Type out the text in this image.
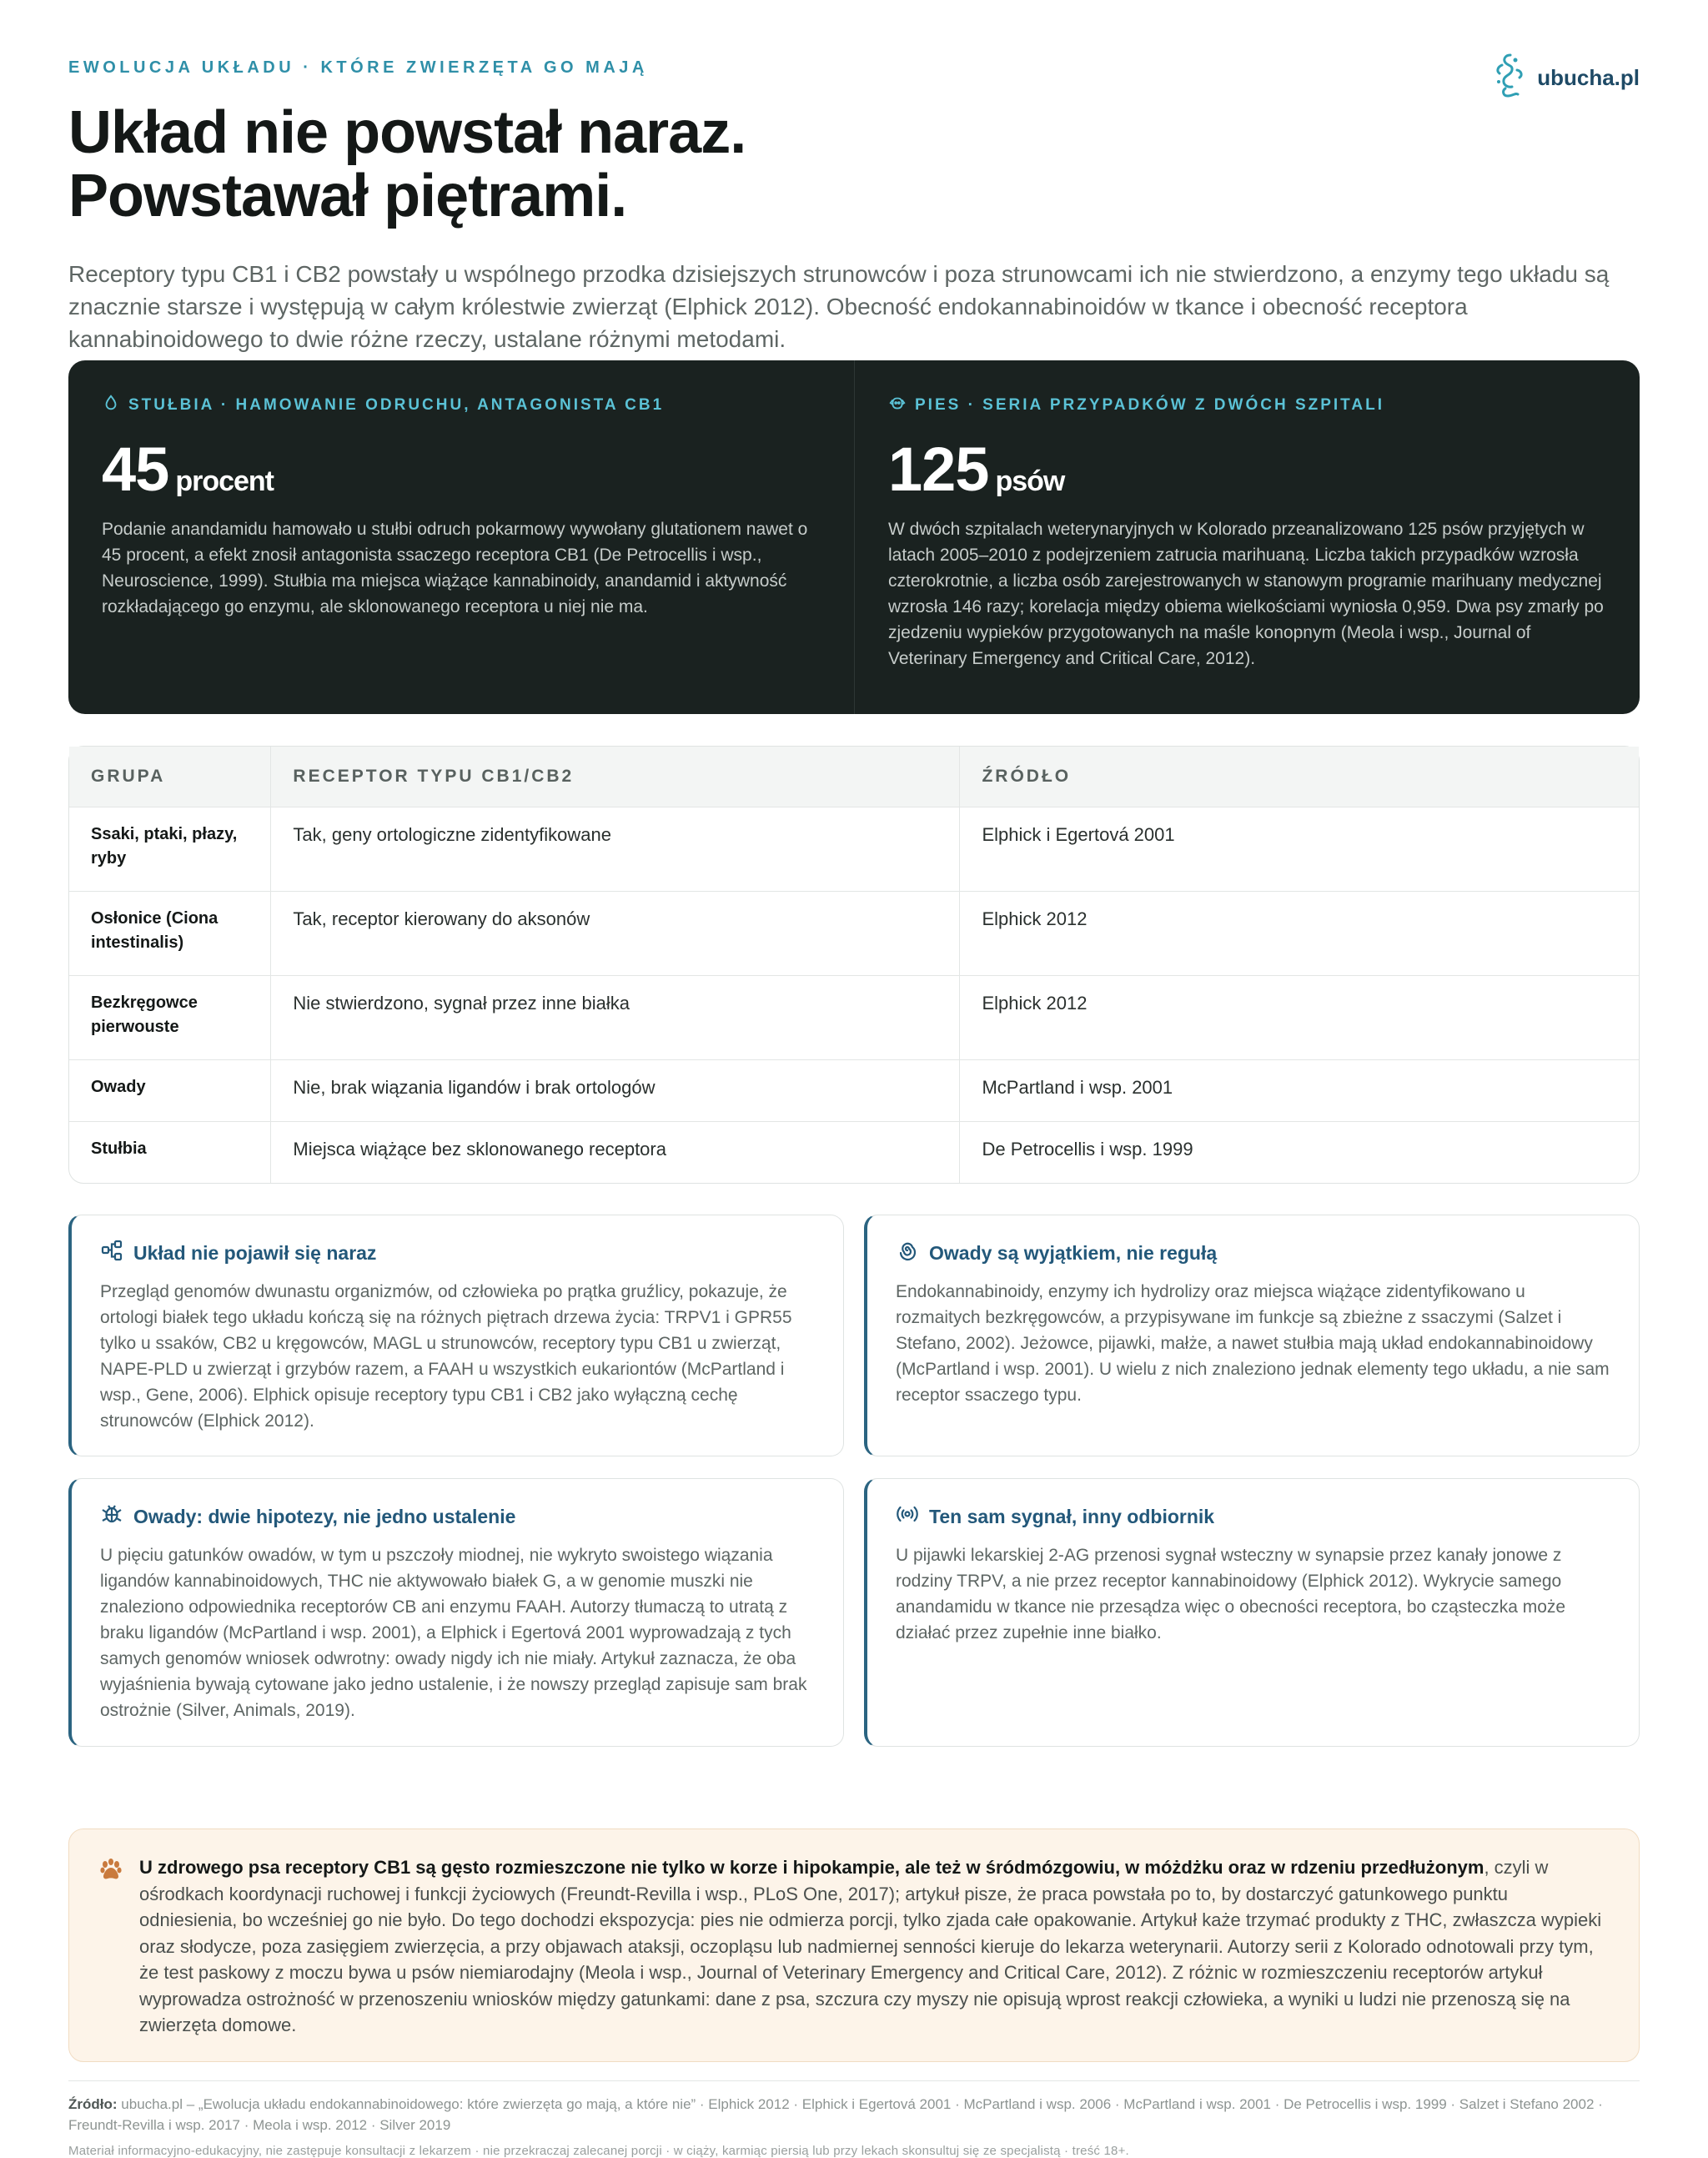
EWOLUCJA UKŁADU · KTÓRE ZWIERZĘTA GO MAJĄ	ubucha.pl
Układ nie powstał naraz.
Powstawał piętrami.

Receptory typu CB1 i CB2 powstały u wspólnego przodka dzisiejszych strunowców i poza strunowcami ich nie stwierdzono, a enzymy tego układu są znacznie starsze i występują w całym królestwie zwierząt (Elphick 2012). Obecność endokannabinoidów w tkance i obecność receptora kannabinoidowego to dwie różne rzeczy, ustalane różnymi metodami.

STUŁBIA · HAMOWANIE ODRUCHU, ANTAGONISTA CB1
45 procent

Podanie anandamidu hamowało u stułbi odruch pokarmowy wywołany glutationem nawet o 45 procent, a efekt znosił antagonista ssaczego receptora CB1 (De Petrocellis i wsp., Neuroscience, 1999). Stułbia ma miejsca wiążące kannabinoidy, anandamid i aktywność rozkładającego go enzymu, ale sklonowanego receptora u niej nie ma.

PIES · SERIA PRZYPADKÓW Z DWÓCH SZPITALI
125 psów

W dwóch szpitalach weterynaryjnych w Kolorado przeanalizowano 125 psów przyjętych w latach 2005–2010 z podejrzeniem zatrucia marihuaną. Liczba takich przypadków wzrosła czterokrotnie, a liczba osób zarejestrowanych w stanowym programie marihuany medycznej wzrosła 146 razy; korelacja między obiema wielkościami wyniosła 0,959. Dwa psy zmarły po zjedzeniu wypieków przygotowanych na maśle konopnym (Meola i wsp., Journal of Veterinary Emergency and Critical Care, 2012).

GRUPA	RECEPTOR TYPU CB1/CB2	ŹRÓDŁO
Ssaki, ptaki, płazy, ryby	Tak, geny ortologiczne zidentyfikowane	Elphick i Egertová 2001
Osłonice (Ciona intestinalis)	Tak, receptor kierowany do aksonów	Elphick 2012
Bezkręgowce pierwouste	Nie stwierdzono, sygnał przez inne białka	Elphick 2012
Owady	Nie, brak wiązania ligandów i brak ortologów	McPartland i wsp. 2001
Stułbia	Miejsca wiążące bez sklonowanego receptora	De Petrocellis i wsp. 1999
Układ nie pojawił się naraz

Przegląd genomów dwunastu organizmów, od człowieka po prątka gruźlicy, pokazuje, że ortologi białek tego układu kończą się na różnych piętrach drzewa życia: TRPV1 i GPR55 tylko u ssaków, CB2 u kręgowców, MAGL u strunowców, receptory typu CB1 u zwierząt, NAPE-PLD u zwierząt i grzybów razem, a FAAH u wszystkich eukariontów (McPartland i wsp., Gene, 2006). Elphick opisuje receptory typu CB1 i CB2 jako wyłączną cechę strunowców (Elphick 2012).

Owady są wyjątkiem, nie regułą

Endokannabinoidy, enzymy ich hydrolizy oraz miejsca wiążące zidentyfikowano u rozmaitych bezkręgowców, a przypisywane im funkcje są zbieżne z ssaczymi (Salzet i Stefano, 2002). Jeżowce, pijawki, małże, a nawet stułbia mają układ endokannabinoidowy (McPartland i wsp. 2001). U wielu z nich znaleziono jednak elementy tego układu, a nie sam receptor ssaczego typu.

Owady: dwie hipotezy, nie jedno ustalenie

U pięciu gatunków owadów, w tym u pszczoły miodnej, nie wykryto swoistego wiązania ligandów kannabinoidowych, THC nie aktywowało białek G, a w genomie muszki nie znaleziono odpowiednika receptorów CB ani enzymu FAAH. Autorzy tłumaczą to utratą z braku ligandów (McPartland i wsp. 2001), a Elphick i Egertová 2001 wyprowadzają z tych samych genomów wniosek odwrotny: owady nigdy ich nie miały. Artykuł zaznacza, że oba wyjaśnienia bywają cytowane jako jedno ustalenie, i że nowszy przegląd zapisuje sam brak ostrożnie (Silver, Animals, 2019).

Ten sam sygnał, inny odbiornik

U pijawki lekarskiej 2-AG przenosi sygnał wsteczny w synapsie przez kanały jonowe z rodziny TRPV, a nie przez receptor kannabinoidowy (Elphick 2012). Wykrycie samego anandamidu w tkance nie przesądza więc o obecności receptora, bo cząsteczka może działać przez zupełnie inne białko.

U zdrowego psa receptory CB1 są gęsto rozmieszczone nie tylko w korze i hipokampie, ale też w śródmózgowiu, w móżdżku oraz w rdzeniu przedłużonym, czyli w ośrodkach koordynacji ruchowej i funkcji życiowych (Freundt-Revilla i wsp., PLoS One, 2017); artykuł pisze, że praca powstała po to, by dostarczyć gatunkowego punktu odniesienia, bo wcześniej go nie było. Do tego dochodzi ekspozycja: pies nie odmierza porcji, tylko zjada całe opakowanie. Artykuł każe trzymać produkty z THC, zwłaszcza wypieki oraz słodycze, poza zasięgiem zwierzęcia, a przy objawach ataksji, oczopląsu lub nadmiernej senności kieruje do lekarza weterynarii. Autorzy serii z Kolorado odnotowali przy tym, że test paskowy z moczu bywa u psów niemiarodajny (Meola i wsp., Journal of Veterinary Emergency and Critical Care, 2012). Z różnic w rozmieszczeniu receptorów artykuł wyprowadza ostrożność w przenoszeniu wniosków między gatunkami: dane z psa, szczura czy myszy nie opisują wprost reakcji człowieka, a wyniki u ludzi nie przenoszą się na zwierzęta domowe.

Źródło: ubucha.pl – „Ewolucja układu endokannabinoidowego: które zwierzęta go mają, a które nie” · Elphick 2012 · Elphick i Egertová 2001 · McPartland i wsp. 2006 · McPartland i wsp. 2001 · De Petrocellis i wsp. 1999 · Salzet i Stefano 2002 · Freundt-Revilla i wsp. 2017 · Meola i wsp. 2012 · Silver 2019

Materiał informacyjno-edukacyjny, nie zastępuje konsultacji z lekarzem · nie przekraczaj zalecanej porcji · w ciąży, karmiąc piersią lub przy lekach skonsultuj się ze specjalistą · treść 18+.
